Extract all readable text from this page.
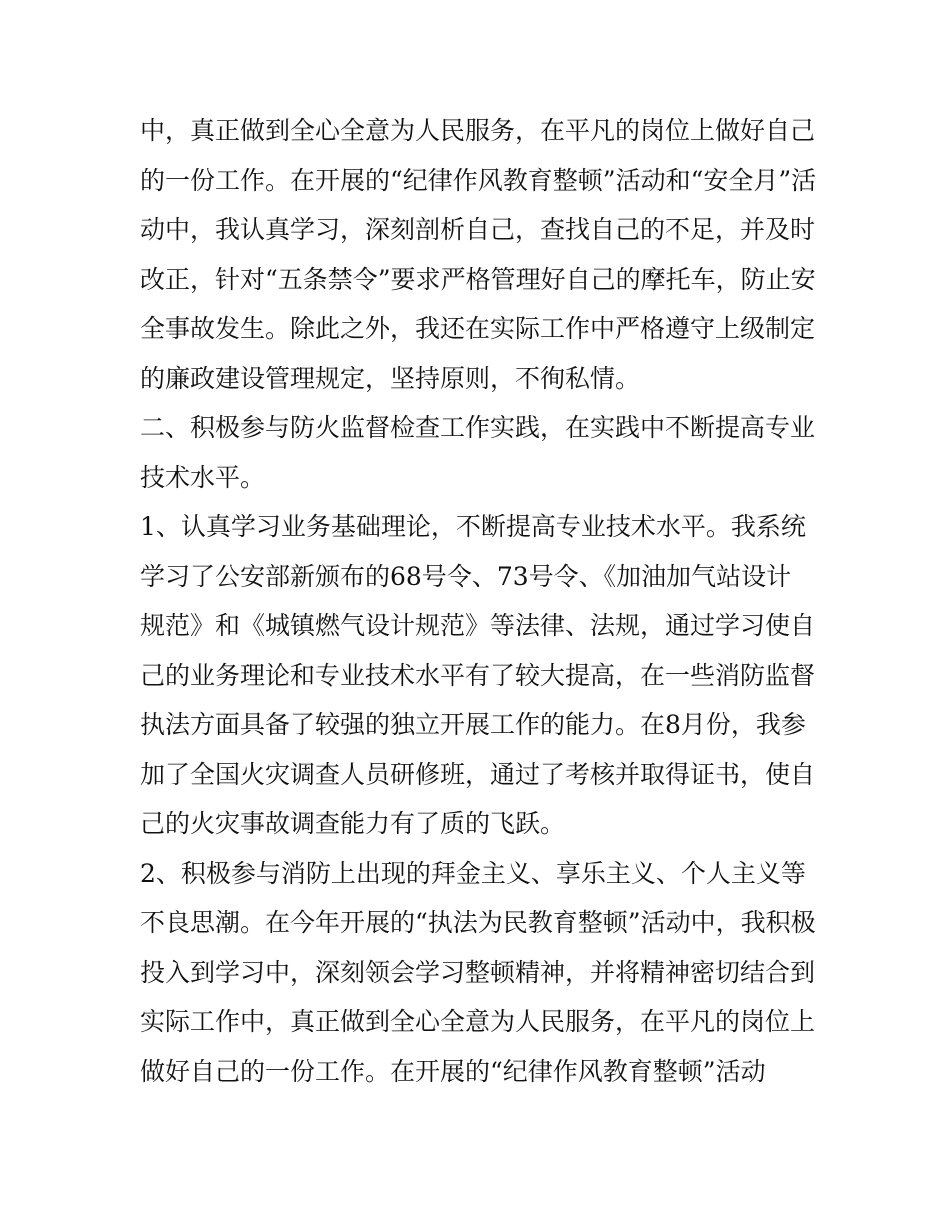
中，真正做到全心全意为人民服务，在平凡的岗位上做好自己
的一份工作。在开展的“纪律作风教育整顿”活动和“安全月”活
动中，我认真学习，深刻剖析自己，查找自己的不足，并及时
改正，针对“五条禁令”要求严格管理好自己的摩托车，防止安
全事故发生。除此之外，我还在实际工作中严格遵守上级制定
的廉政建设管理规定，坚持原则，不徇私情。
二、积极参与防火监督检查工作实践，在实践中不断提高专业
技术水平。
1、认真学习业务基础理论，不断提高专业技术水平。我系统
学习了公安部新颁布的68号令、73号令、《加油加气站设计
规范》和《城镇燃气设计规范》等法律、法规，通过学习使自
己的业务理论和专业技术水平有了较大提高，在一些消防监督
执法方面具备了较强的独立开展工作的能力。在8月份，我参
加了全国火灾调查人员研修班，通过了考核并取得证书，使自
己的火灾事故调查能力有了质的飞跃。
2、积极参与消防上出现的拜金主义、享乐主义、个人主义等
不良思潮。在今年开展的“执法为民教育整顿”活动中，我积极
投入到学习中，深刻领会学习整顿精神，并将精神密切结合到
实际工作中，真正做到全心全意为人民服务，在平凡的岗位上
做好自己的一份工作。在开展的“纪律作风教育整顿”活动
